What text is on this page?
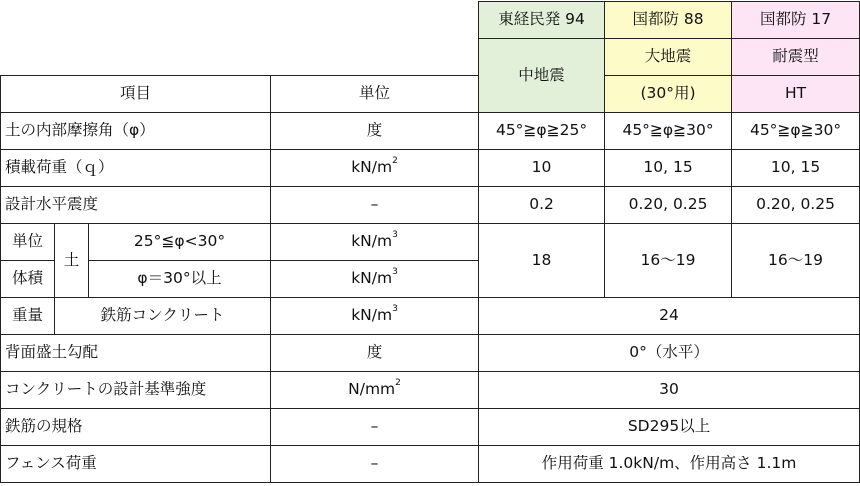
				東経民発 94	国都防 88	国都防 17	
				中地震	大地震	耐震型	
項目			単位		(30°用)	HT	
土の内部摩擦角（φ）			度	45°≧φ≧25°	45°≧φ≧30°	45°≧φ≧30°	
積載荷重（ｑ）			$kN/m^2$	10	10, 15	10, 15	
設計水平震度			–	0.2	0.20, 0.25	0.20, 0.25	
単位	土	25°≦φ<30°	$kN/m^3$	18	16～19	16～19	
体積		φ＝30°以上	$kN/m^3$
重量	鉄筋コンクリート		$kN/m^3$	24			
背面盛土勾配			度	0°（水平）			
コンクリートの設計基準強度			$N/mm^2$	30			
鉄筋の規格			–	SD295以上			
フェンス荷重			–	作用荷重 1.0kN/m、作用高さ 1.1m			
